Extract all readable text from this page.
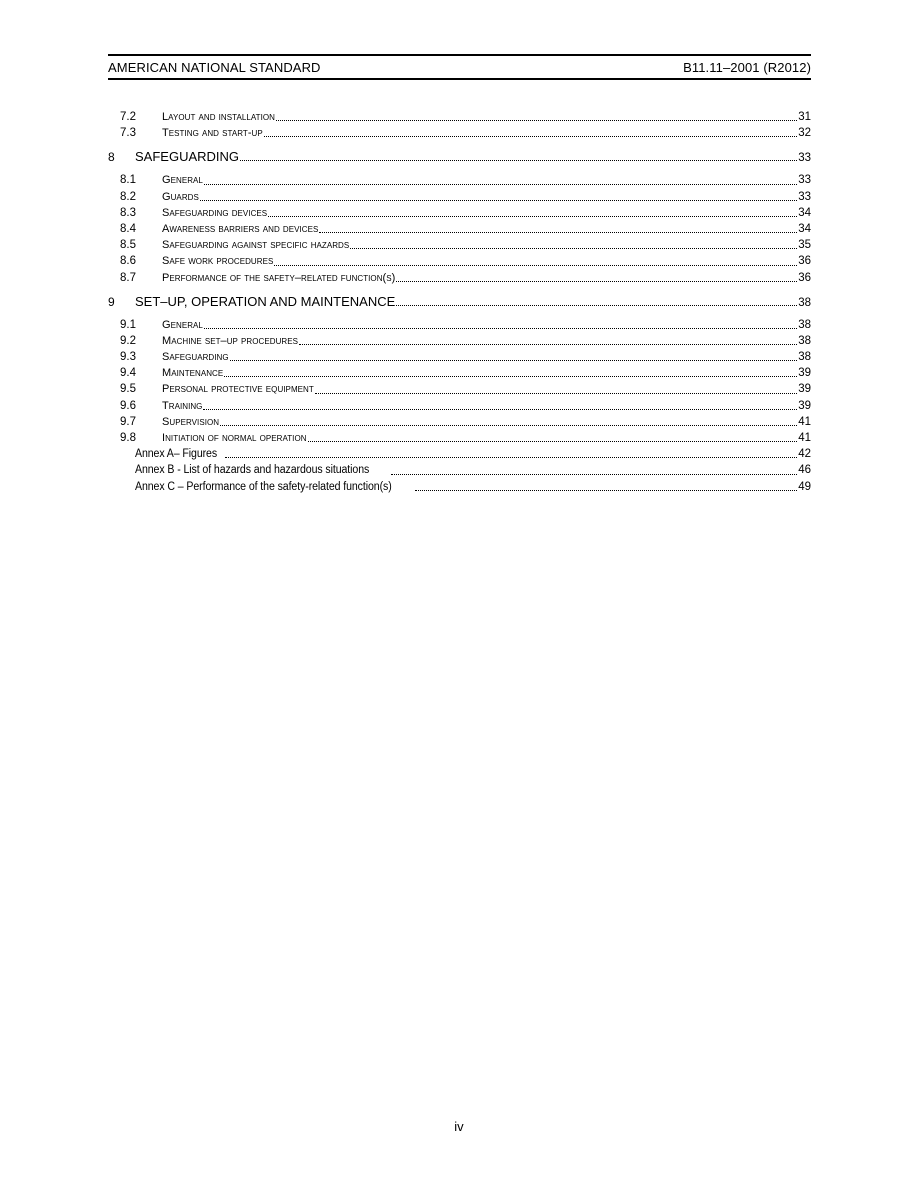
AMERICAN NATIONAL STANDARD	B11.11–2001 (R2012)
7.2	Layout and installation	31
7.3	Testing and start-up	32
8	SAFEGUARDING	33
8.1	General	33
8.2	Guards	33
8.3	Safeguarding devices	34
8.4	Awareness barriers and devices	34
8.5	Safeguarding against specific hazards	35
8.6	Safe work procedures	36
8.7	Performance of the safety–related function(s)	36
9	SET–UP, OPERATION AND MAINTENANCE	38
9.1	General	38
9.2	Machine set–up procedures	38
9.3	Safeguarding	38
9.4	Maintenance	39
9.5	Personal protective equipment	39
9.6	Training	39
9.7	Supervision	41
9.8	Initiation of normal operation	41
Annex A– Figures	42
Annex B - List of hazards and hazardous situations	46
Annex C – Performance of the safety-related function(s)	49
iv
